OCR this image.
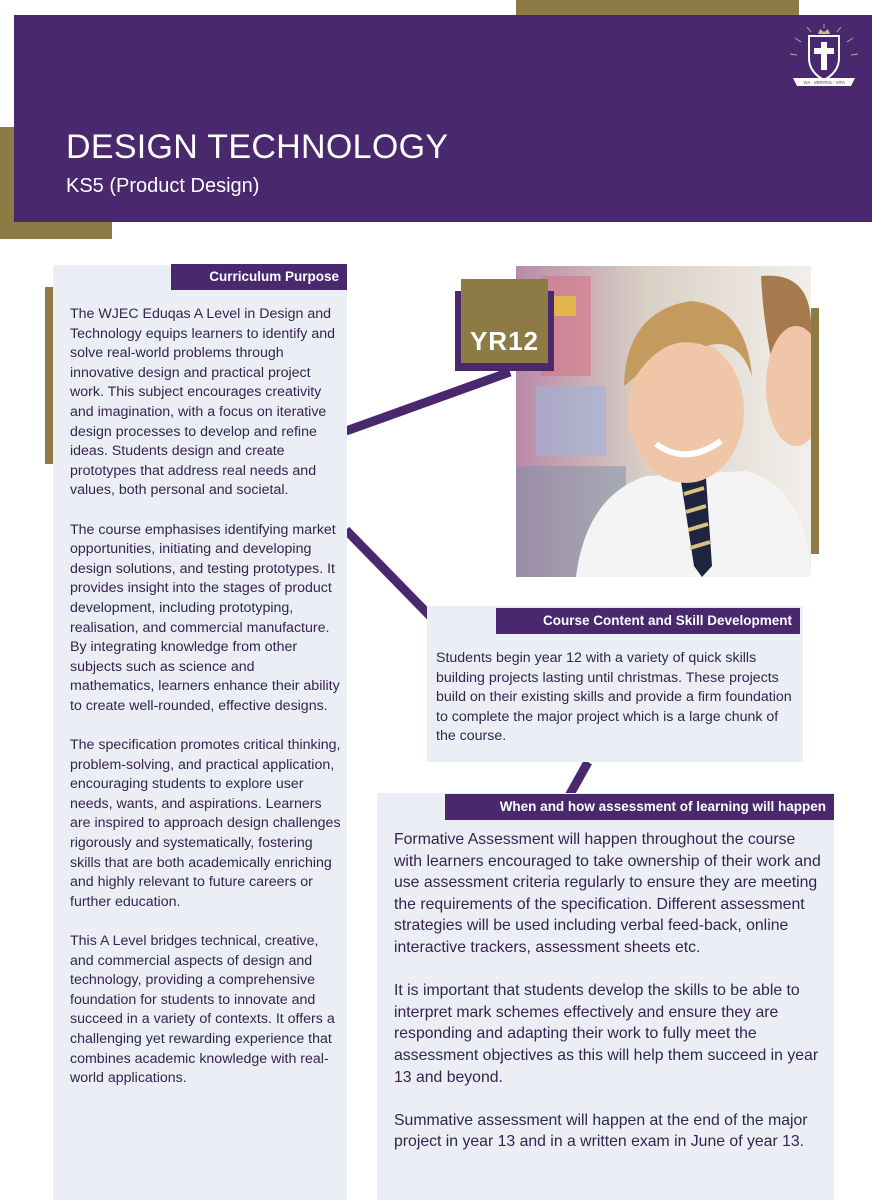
DESIGN TECHNOLOGY
KS5 (Product Design)
VIA · VERITAS · VITA
Curriculum Purpose

The WJEC Eduqas A Level in Design and Technology equips learners to identify and solve real-world problems through innovative design and practical project work. This subject encourages creativity and imagination, with a focus on iterative design processes to develop and refine ideas. Students design and create prototypes that address real needs and values, both personal and societal.

The course emphasises identifying market opportunities, initiating and developing design solutions, and testing prototypes. It provides insight into the stages of product development, including prototyping, realisation, and commercial manufacture. By integrating knowledge from other subjects such as science and mathematics, learners enhance their ability to create well-rounded, effective designs.

The specification promotes critical thinking, problem-solving, and practical application, encouraging students to explore user needs, wants, and aspirations. Learners are inspired to approach design challenges rigorously and systematically, fostering skills that are both academically enriching and highly relevant to future careers or further education.

This A Level bridges technical, creative, and commercial aspects of design and technology, providing a comprehensive foundation for students to innovate and succeed in a variety of contexts. It offers a challenging yet rewarding experience that combines academic knowledge with real-world applications.

YR12
Course Content and Skill Development

Students begin year 12 with a variety of quick skills building projects lasting until christmas. These projects build on their existing skills and provide a firm foundation to complete the major project which is a large chunk of the course.

When and how assessment of learning will happen

Formative Assessment will happen throughout the course with learners encouraged to take ownership of their work and use assessment criteria regularly to ensure they are meeting the requirements of the specification. Different assessment strategies will be used including verbal feed-back, online interactive trackers, assessment sheets etc.

It is important that students develop the skills to be able to interpret mark schemes effectively and ensure they are responding and adapting their work to fully meet the assessment objectives as this will help them succeed in year 13 and beyond.

Summative assessment will happen at the end of the major project in year 13 and in a written exam in June of year 13.
